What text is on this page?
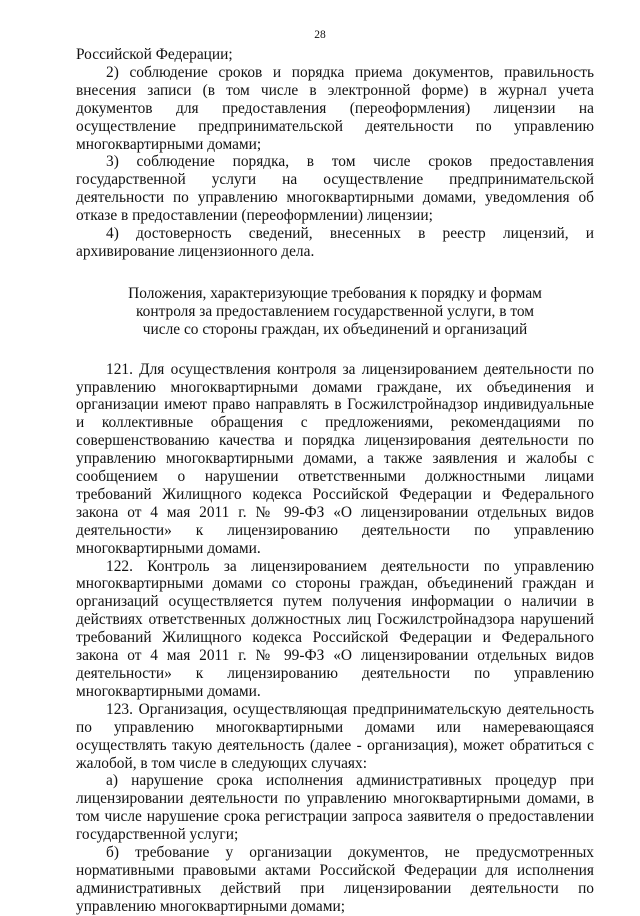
28

Российской Федерации;

2) соблюдение сроков и порядка приема документов, правильность внесения записи (в том числе в электронной форме) в журнал учета документов для предоставления (переоформления) лицензии на осуществление предпринимательской деятельности по управлению многоквартирными домами;

3) соблюдение порядка, в том числе сроков предоставления государственной услуги на осуществление предпринимательской деятельности по управлению многоквартирными домами, уведомления об отказе в предоставлении (переоформлении) лицензии;

4) достоверность сведений, внесенных в реестр лицензий, и архивирование лицензионного дела.

Положения, характеризующие требования к порядку и формам контроля за предоставлением государственной услуги, в том числе со стороны граждан, их объединений и организаций

121. Для осуществления контроля за лицензированием деятельности по управлению многоквартирными домами граждане, их объединения и организации имеют право направлять в Госжилстройнадзор индивидуальные и коллективные обращения с предложениями, рекомендациями по совершенствованию качества и порядка лицензирования деятельности по управлению многоквартирными домами, а также заявления и жалобы с сообщением о нарушении ответственными должностными лицами требований Жилищного кодекса Российской Федерации и Федерального закона от 4 мая 2011 г. № 99-ФЗ «О лицензировании отдельных видов деятельности» к лицензированию деятельности по управлению многоквартирными домами.

122. Контроль за лицензированием деятельности по управлению многоквартирными домами со стороны граждан, объединений граждан и организаций осуществляется путем получения информации о наличии в действиях ответственных должностных лиц Госжилстройнадзора нарушений требований Жилищного кодекса Российской Федерации и Федерального закона от 4 мая 2011 г. № 99-ФЗ «О лицензировании отдельных видов деятельности» к лицензированию деятельности по управлению многоквартирными домами.

123. Организация, осуществляющая предпринимательскую деятельность по управлению многоквартирными домами или намеревающаяся осуществлять такую деятельность (далее - организация), может обратиться с жалобой, в том числе в следующих случаях:

а) нарушение срока исполнения административных процедур при лицензировании деятельности по управлению многоквартирными домами, в том числе нарушение срока регистрации запроса заявителя о предоставлении государственной услуги;

б) требование у организации документов, не предусмотренных нормативными правовыми актами Российской Федерации для исполнения административных действий при лицензировании деятельности по управлению многоквартирными домами;
